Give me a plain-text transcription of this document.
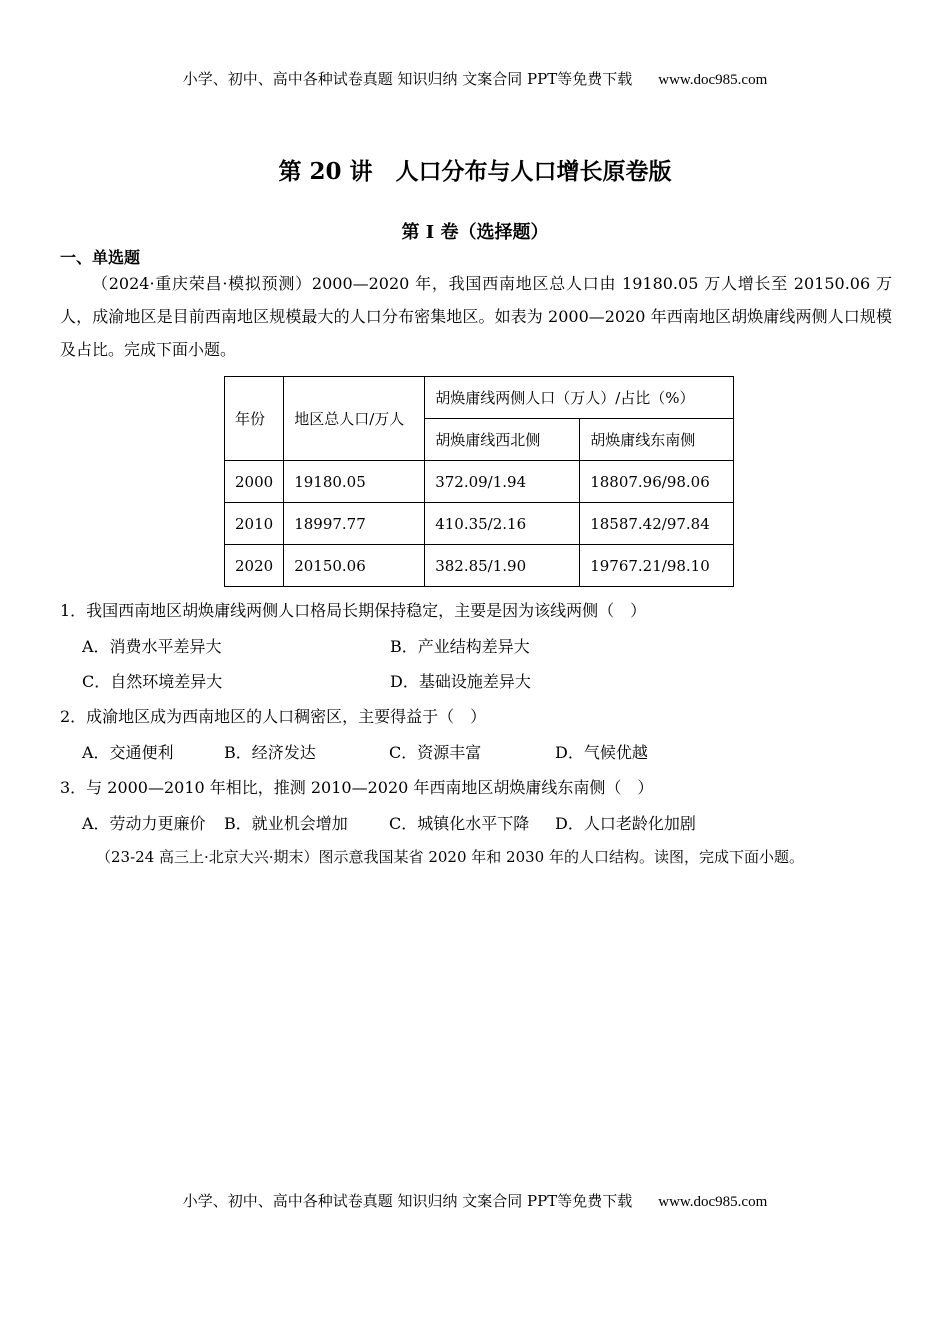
小学、初中、高中各种试卷真题 知识归纳 文案合同 PPT等免费下载 www.doc985.com
第 20 讲　人口分布与人口增长原卷版
第 I 卷（选择题）
一、单选题
（2024·重庆荣昌·模拟预测）2000—2020 年，我国西南地区总人口由 19180.05 万人增长至 20150.06 万人，成渝地区是目前西南地区规模最大的人口分布密集地区。如表为 2000—2020 年西南地区胡焕庸线两侧人口规模及占比。完成下面小题。
年份	地区总人口/万人	胡焕庸线两侧人口（万人）/占比（%）	
		胡焕庸线西北侧	胡焕庸线东南侧
2000	19180.05	372.09/1.94	18807.96/98.06
2010	18997.77	410.35/2.16	18587.42/97.84
2020	20150.06	382.85/1.90	19767.21/98.10
1．我国西南地区胡焕庸线两侧人口格局长期保持稳定，主要是因为该线两侧（　）
A．消费水平差异大	B．产业结构差异大
C．自然环境差异大	D．基础设施差异大
2．成渝地区成为西南地区的人口稠密区，主要得益于（　）
A．交通便利	B．经济发达	C．资源丰富	D．气候优越
3．与 2000—2010 年相比，推测 2010—2020 年西南地区胡焕庸线东南侧（　）
A．劳动力更廉价 B．就业机会增加	C．城镇化水平下降 D．人口老龄化加剧
（23-24 高三上·北京大兴·期末）图示意我国某省 2020 年和 2030 年的人口结构。读图，完成下面小题。
小学、初中、高中各种试卷真题 知识归纳 文案合同 PPT等免费下载 www.doc985.com
